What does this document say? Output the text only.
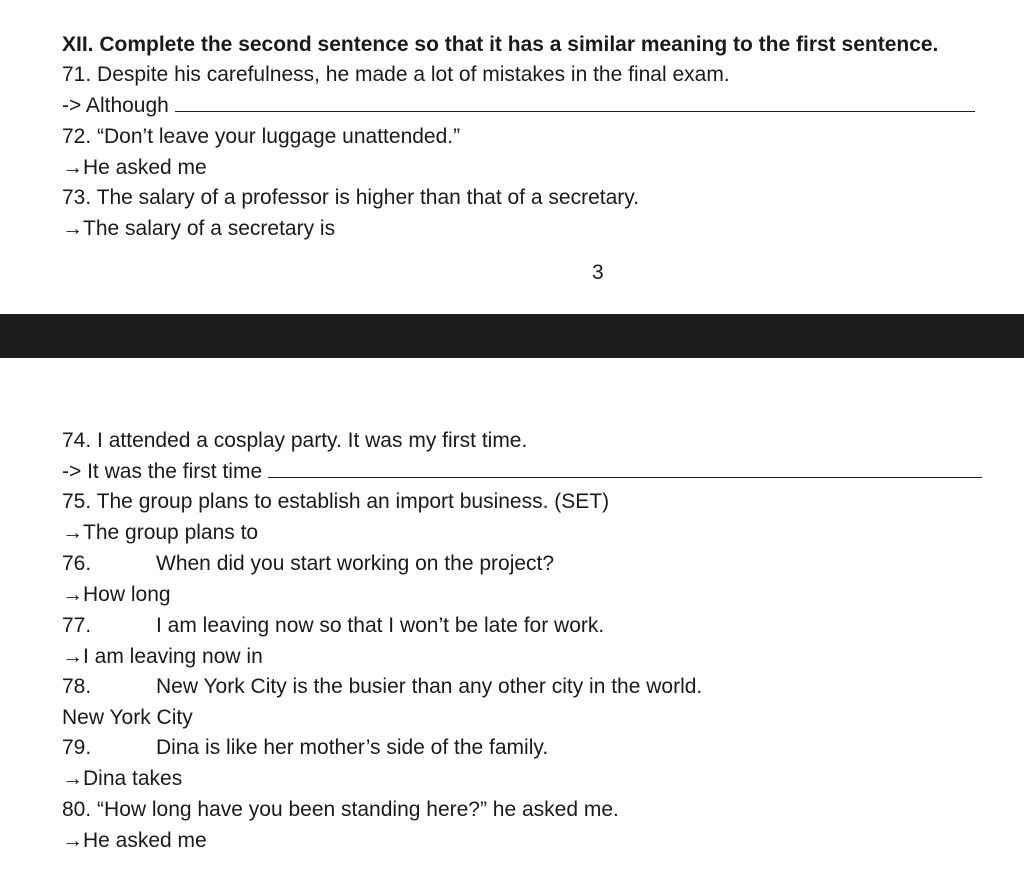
XII. Complete the second sentence so that it has a similar meaning to the first sentence.
71. Despite his carefulness, he made a lot of mistakes in the final exam.
-> Although
72. “Don’t leave your luggage unattended.”
→He asked me
73. The salary of a professor is higher than that of a secretary.
→The salary of a secretary is
3
74. I attended a cosplay party. It was my first time.
-> It was the first time
75. The group plans to establish an import business. (SET)
→The group plans to
76.	When did you start working on the project?
→How long
77.	I am leaving now so that I won’t be late for work.
→I am leaving now in
78.	New York City is the busier than any other city in the world.
New York City
79.	Dina is like her mother’s side of the family.
→Dina takes
80. “How long have you been standing here?” he asked me.
→He asked me
